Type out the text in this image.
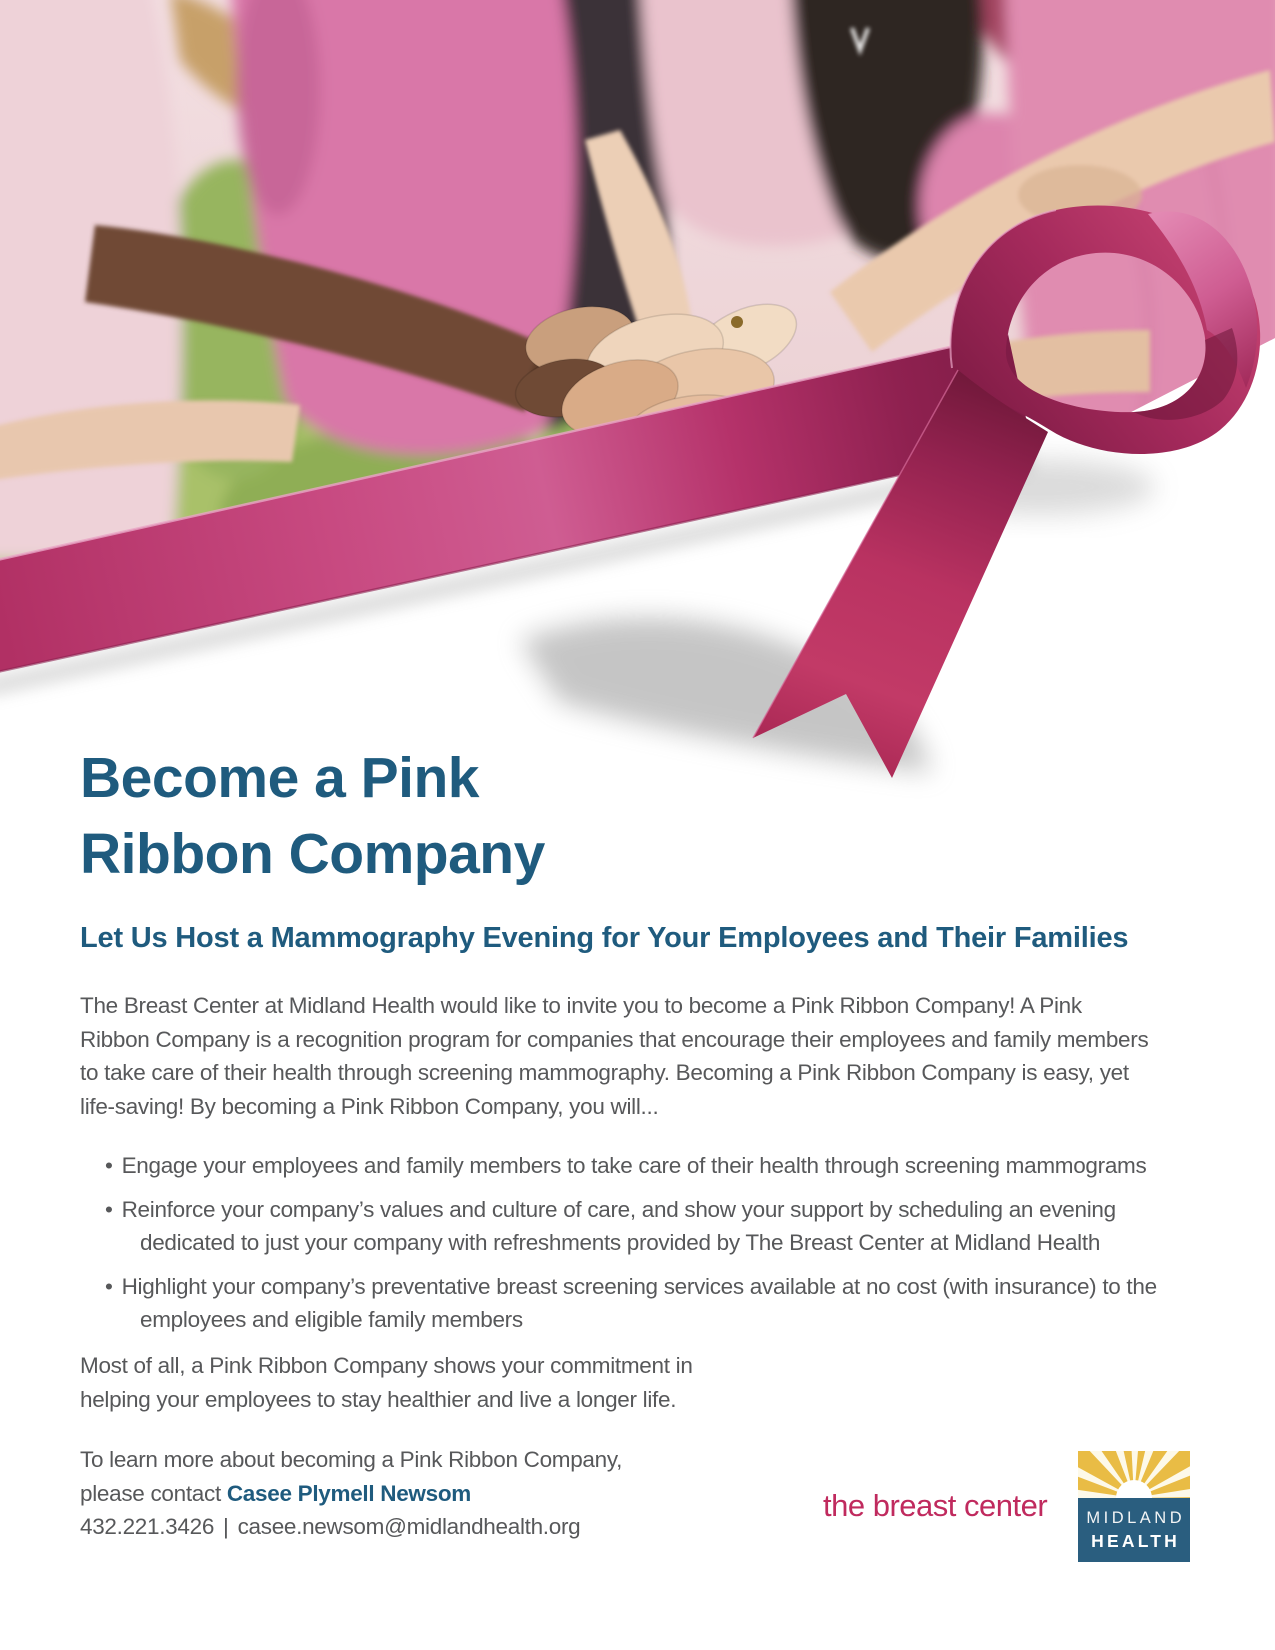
Become a Pink
Ribbon Company
Let Us Host a Mammography Evening for Your Employees and Their Families
The Breast Center at Midland Health would like to invite you to become a Pink Ribbon Company! A Pink
Ribbon Company is a recognition program for companies that encourage their employees and family members
to take care of their health through screening mammography. Becoming a Pink Ribbon Company is easy, yet
life-saving! By becoming a Pink Ribbon Company, you will...
• Engage your employees and family members to take care of their health through screening mammograms
• Reinforce your company’s values and culture of care, and show your support by scheduling an evening
dedicated to just your company with refreshments provided by The Breast Center at Midland Health
• Highlight your company’s preventative breast screening services available at no cost (with insurance) to the
employees and eligible family members
Most of all, a Pink Ribbon Company shows your commitment in
helping your employees to stay healthier and live a longer life.
To learn more about becoming a Pink Ribbon Company,
please contact Casee Plymell Newsom
432.221.3426 | casee.newsom@midlandhealth.org
the breast center MIDLAND
HEALTH
